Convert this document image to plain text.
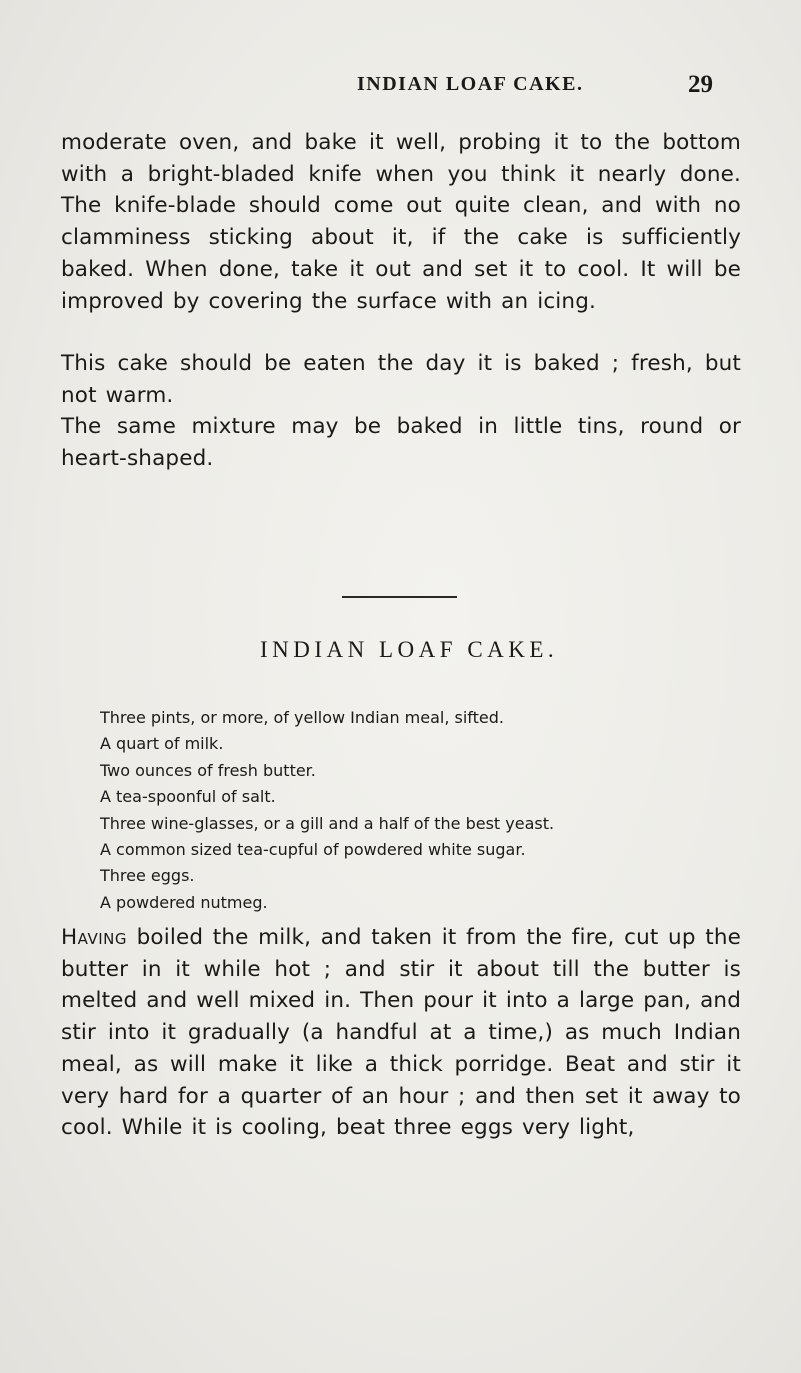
INDIAN LOAF CAKE.	29

moderate oven, and bake it well, probing it to the bottom with a bright-bladed knife when you think it nearly done. The knife-blade should come out quite clean, and with no clamminess sticking about it, if the cake is sufficiently baked. When done, take it out and set it to cool. It will be improved by covering the surface with an icing.

This cake should be eaten the day it is baked ; fresh, but not warm.

The same mixture may be baked in little tins, round or heart-shaped.

INDIAN LOAF CAKE.
Three pints, or more, of yellow Indian meal, sifted.
A quart of milk.
Two ounces of fresh butter.
A tea-spoonful of salt.
Three wine-glasses, or a gill and a half of the best yeast.
A common sized tea-cupful of powdered white sugar.
Three eggs.
A powdered nutmeg.

Having boiled the milk, and taken it from the fire, cut up the butter in it while hot ; and stir it about till the butter is melted and well mixed in. Then pour it into a large pan, and stir into it gradually (a handful at a time,) as much Indian meal, as will make it like a thick porridge. Beat and stir it very hard for a quarter of an hour ; and then set it away to cool. While it is cooling, beat three eggs very light,
